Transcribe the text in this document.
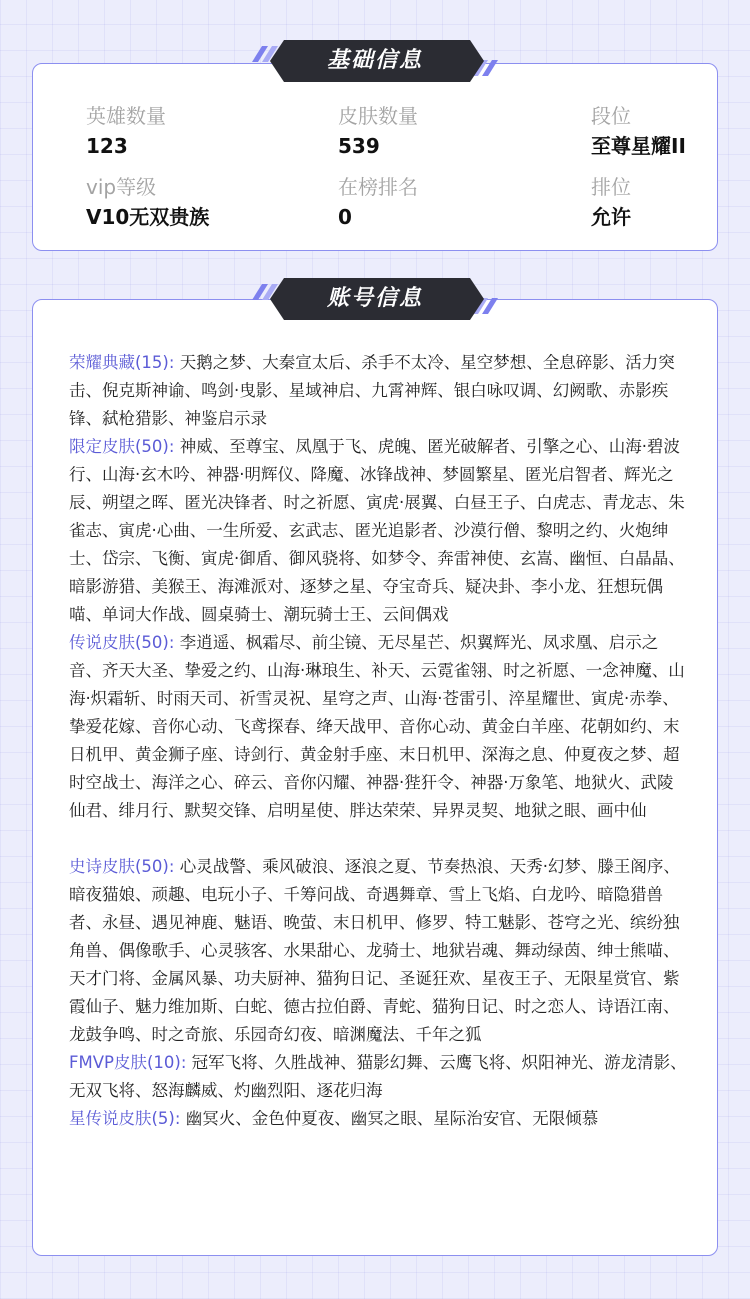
英雄数量
123
皮肤数量
539
段位
至尊星耀II
vip等级
V10无双贵族
在榜排名
0
排位
允许
基础信息
荣耀典藏(15): 天鹅之梦、大秦宣太后、杀手不太冷、星空梦想、全息碎影、活力突击、倪克斯神谕、鸣剑·曳影、星域神启、九霄神辉、银白咏叹调、幻阙歌、赤影疾锋、弑枪猎影、神鉴启示录
限定皮肤(50): 神威、至尊宝、凤凰于飞、虎魄、匿光破解者、引擎之心、山海·碧波行、山海·玄木吟、神器·明辉仪、降魔、冰锋战神、梦圆繁星、匿光启智者、辉光之辰、朔望之晖、匿光决锋者、时之祈愿、寅虎·展翼、白昼王子、白虎志、青龙志、朱雀志、寅虎·心曲、一生所爱、玄武志、匿光追影者、沙漠行僧、黎明之约、火炮绅士、岱宗、飞衡、寅虎·御盾、御风骁将、如梦令、奔雷神使、玄嵩、幽恒、白晶晶、暗影游猎、美猴王、海滩派对、逐梦之星、夺宝奇兵、疑决卦、李小龙、狂想玩偶喵、单词大作战、圆桌骑士、潮玩骑士王、云间偶戏
传说皮肤(50): 李逍遥、枫霜尽、前尘镜、无尽星芒、炽翼辉光、凤求凰、启示之音、齐天大圣、挚爱之约、山海·琳琅生、补天、云霓雀翎、时之祈愿、一念神魔、山海·炽霜斩、时雨天司、祈雪灵祝、星穹之声、山海·苍雷引、淬星耀世、寅虎·赤拳、挚爱花嫁、音你心动、飞鸢探春、绛天战甲、音你心动、黄金白羊座、花朝如约、末日机甲、黄金狮子座、诗剑行、黄金射手座、末日机甲、深海之息、仲夏夜之梦、超时空战士、海洋之心、碎云、音你闪耀、神器·狴犴令、神器·万象笔、地狱火、武陵仙君、绯月行、默契交锋、启明星使、胖达荣荣、异界灵契、地狱之眼、画中仙
史诗皮肤(50): 心灵战警、乘风破浪、逐浪之夏、节奏热浪、天秀·幻梦、滕王阁序、暗夜猫娘、顽趣、电玩小子、千筹问战、奇遇舞章、雪上飞焰、白龙吟、暗隐猎兽者、永昼、遇见神鹿、魅语、晚萤、末日机甲、修罗、特工魅影、苍穹之光、缤纷独角兽、偶像歌手、心灵骇客、水果甜心、龙骑士、地狱岩魂、舞动绿茵、绅士熊喵、天才门将、金属风暴、功夫厨神、猫狗日记、圣诞狂欢、星夜王子、无限星赏官、紫霞仙子、魅力维加斯、白蛇、德古拉伯爵、青蛇、猫狗日记、时之恋人、诗语江南、龙鼓争鸣、时之奇旅、乐园奇幻夜、暗渊魔法、千年之狐
FMVP皮肤(10): 冠军飞将、久胜战神、猫影幻舞、云鹰飞将、炽阳神光、游龙清影、无双飞将、怒海麟威、灼幽烈阳、逐花归海
星传说皮肤(5): 幽冥火、金色仲夏夜、幽冥之眼、星际治安官、无限倾慕
账号信息
